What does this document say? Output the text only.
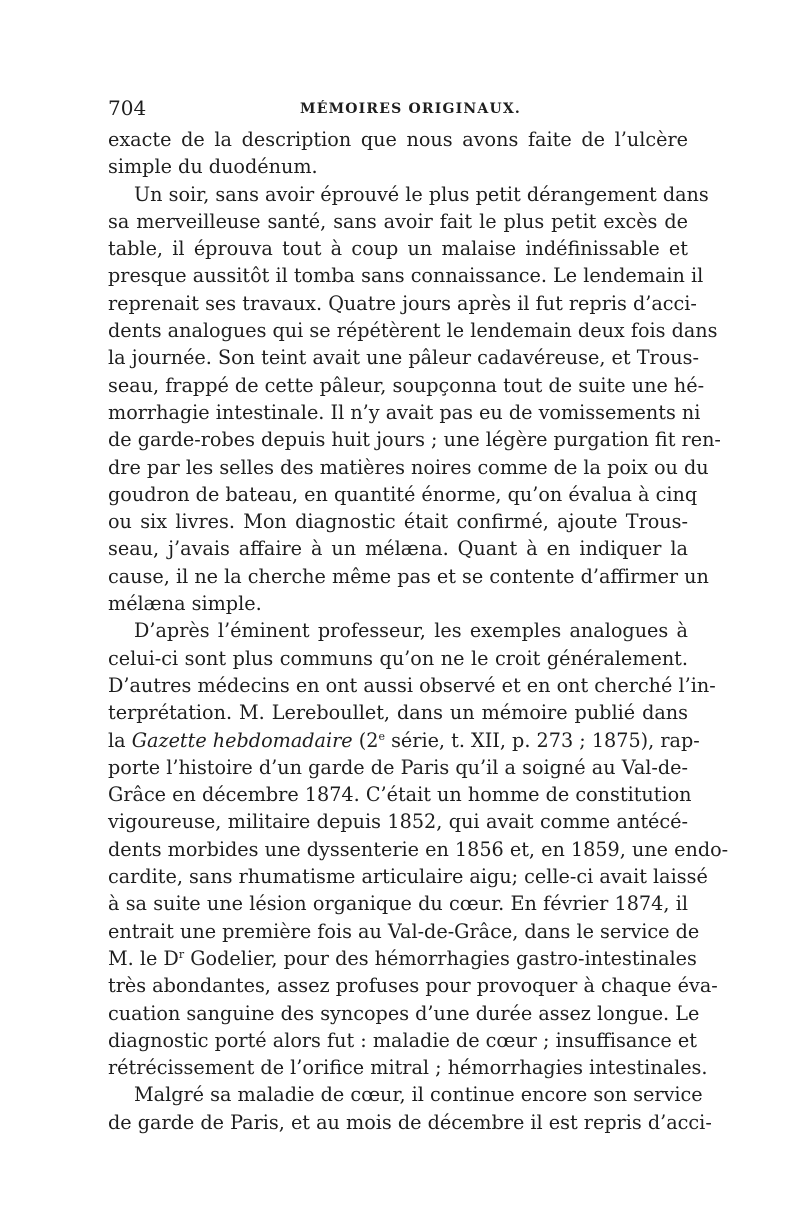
704	MÉMOIRES ORIGINAUX.
exacte de la description que nous avons faite de l’ulcère
simple du duodénum.
Un soir, sans avoir éprouvé le plus petit dérangement dans
sa merveilleuse santé, sans avoir fait le plus petit excès de
table, il éprouva tout à coup un malaise indéfinissable et
presque aussitôt il tomba sans connaissance. Le lendemain il
reprenait ses travaux. Quatre jours après il fut repris d’acci-
dents analogues qui se répétèrent le lendemain deux fois dans
la journée. Son teint avait une pâleur cadavéreuse, et Trous-
seau, frappé de cette pâleur, soupçonna tout de suite une hé-
morrhagie intestinale. Il n’y avait pas eu de vomissements ni
de garde-robes depuis huit jours ; une légère purgation fit ren-
dre par les selles des matières noires comme de la poix ou du
goudron de bateau, en quantité énorme, qu’on évalua à cinq
ou six livres. Mon diagnostic était confirmé, ajoute Trous-
seau, j’avais affaire à un mélæna. Quant à en indiquer la
cause, il ne la cherche même pas et se contente d’affirmer un
mélæna simple.
D’après l’éminent professeur, les exemples analogues à
celui-ci sont plus communs qu’on ne le croit généralement.
D’autres médecins en ont aussi observé et en ont cherché l’in-
terprétation. M. Lereboullet, dans un mémoire publié dans
la Gazette hebdomadaire (2e série, t. XII, p. 273 ; 1875), rap-
porte l’histoire d’un garde de Paris qu’il a soigné au Val-de-
Grâce en décembre 1874. C’était un homme de constitution
vigoureuse, militaire depuis 1852, qui avait comme antécé-
dents morbides une dyssenterie en 1856 et, en 1859, une endo-
cardite, sans rhumatisme articulaire aigu; celle-ci avait laissé
à sa suite une lésion organique du cœur. En février 1874, il
entrait une première fois au Val-de-Grâce, dans le service de
M. le $D^r$ Godelier, pour des hémorrhagies gastro-intestinales
très abondantes, assez profuses pour provoquer à chaque éva-
cuation sanguine des syncopes d’une durée assez longue. Le
diagnostic porté alors fut : maladie de cœur ; insuffisance et
rétrécissement de l’orifice mitral ; hémorrhagies intestinales.
Malgré sa maladie de cœur, il continue encore son service
de garde de Paris, et au mois de décembre il est repris d’acci-
